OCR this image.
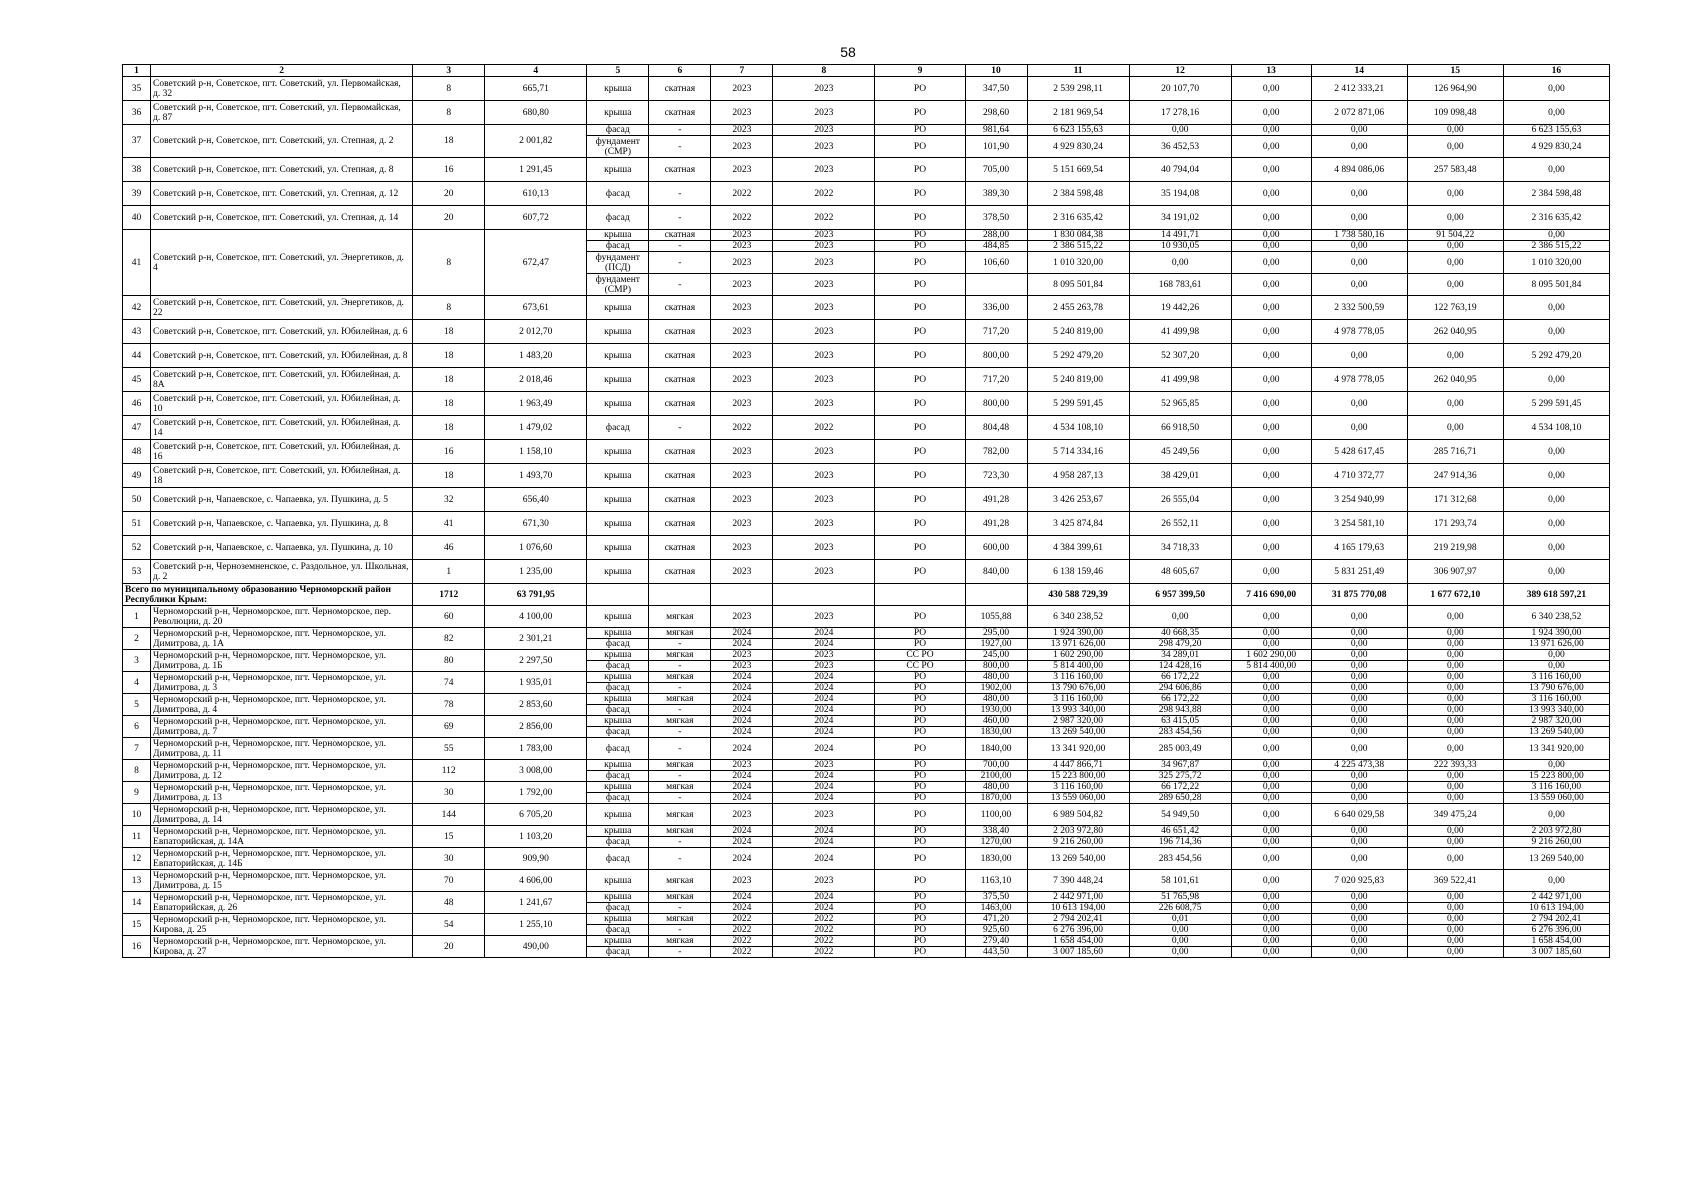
58
1	2	3	4	5	6	7	8	9	10	11	12	13	14	15	16
35	Советский р-н, Советское, пгт. Советский, ул. Первомайская, д. 32	8	665,71	крыша	скатная	2023	2023	РО	347,50	2 539 298,11	20 107,70	0,00	2 412 333,21	126 964,90	0,00
36	Советский р-н, Советское, пгт. Советский, ул. Первомайская, д. 87	8	680,80	крыша	скатная	2023	2023	РО	298,60	2 181 969,54	17 278,16	0,00	2 072 871,06	109 098,48	0,00
37	Советский р-н, Советское, пгт. Советский, ул. Степная, д. 2	18	2 001,82	фасад	-	2023	2023	РО	981,64	6 623 155,63	0,00	0,00	0,00	0,00	6 623 155,63
				фундамент (СМР)	-	2023	2023	РО	101,90	4 929 830,24	36 452,53	0,00	0,00	0,00	4 929 830,24
38	Советский р-н, Советское, пгт. Советский, ул. Степная, д. 8	16	1 291,45	крыша	скатная	2023	2023	РО	705,00	5 151 669,54	40 794,04	0,00	4 894 086,06	257 583,48	0,00
39	Советский р-н, Советское, пгт. Советский, ул. Степная, д. 12	20	610,13	фасад	-	2022	2022	РО	389,30	2 384 598,48	35 194,08	0,00	0,00	0,00	2 384 598,48
40	Советский р-н, Советское, пгт. Советский, ул. Степная, д. 14	20	607,72	фасад	-	2022	2022	РО	378,50	2 316 635,42	34 191,02	0,00	0,00	0,00	2 316 635,42
41	Советский р-н, Советское, пгт. Советский, ул. Энергетиков, д. 4	8	672,47	крыша	скатная	2023	2023	РО	288,00	1 830 084,38	14 491,71	0,00	1 738 580,16	91 504,22	0,00
				фасад	-	2023	2023	РО	484,85	2 386 515,22	10 930,05	0,00	0,00	0,00	2 386 515,22
				фундамент (ПСД)	-	2023	2023	РО	106,60	1 010 320,00	0,00	0,00	0,00	0,00	1 010 320,00
				фундамент (СМР)	-	2023	2023	РО		8 095 501,84	168 783,61	0,00	0,00	0,00	8 095 501,84
42	Советский р-н, Советское, пгт. Советский, ул. Энергетиков, д. 22	8	673,61	крыша	скатная	2023	2023	РО	336,00	2 455 263,78	19 442,26	0,00	2 332 500,59	122 763,19	0,00
43	Советский р-н, Советское, пгт. Советский, ул. Юбилейная, д. 6	18	2 012,70	крыша	скатная	2023	2023	РО	717,20	5 240 819,00	41 499,98	0,00	4 978 778,05	262 040,95	0,00
44	Советский р-н, Советское, пгт. Советский, ул. Юбилейная, д. 8	18	1 483,20	крыша	скатная	2023	2023	РО	800,00	5 292 479,20	52 307,20	0,00	0,00	0,00	5 292 479,20
45	Советский р-н, Советское, пгт. Советский, ул. Юбилейная, д. 8А	18	2 018,46	крыша	скатная	2023	2023	РО	717,20	5 240 819,00	41 499,98	0,00	4 978 778,05	262 040,95	0,00
46	Советский р-н, Советское, пгт. Советский, ул. Юбилейная, д. 10	18	1 963,49	крыша	скатная	2023	2023	РО	800,00	5 299 591,45	52 965,85	0,00	0,00	0,00	5 299 591,45
47	Советский р-н, Советское, пгт. Советский, ул. Юбилейная, д. 14	18	1 479,02	фасад	-	2022	2022	РО	804,48	4 534 108,10	66 918,50	0,00	0,00	0,00	4 534 108,10
48	Советский р-н, Советское, пгт. Советский, ул. Юбилейная, д. 16	16	1 158,10	крыша	скатная	2023	2023	РО	782,00	5 714 334,16	45 249,56	0,00	5 428 617,45	285 716,71	0,00
49	Советский р-н, Советское, пгт. Советский, ул. Юбилейная, д. 18	18	1 493,70	крыша	скатная	2023	2023	РО	723,30	4 958 287,13	38 429,01	0,00	4 710 372,77	247 914,36	0,00
50	Советский р-н, Чапаевское, с. Чапаевка, ул. Пушкина, д. 5	32	656,40	крыша	скатная	2023	2023	РО	491,28	3 426 253,67	26 555,04	0,00	3 254 940,99	171 312,68	0,00
51	Советский р-н, Чапаевское, с. Чапаевка, ул. Пушкина, д. 8	41	671,30	крыша	скатная	2023	2023	РО	491,28	3 425 874,84	26 552,11	0,00	3 254 581,10	171 293,74	0,00
52	Советский р-н, Чапаевское, с. Чапаевка, ул. Пушкина, д. 10	46	1 076,60	крыша	скатная	2023	2023	РО	600,00	4 384 399,61	34 718,33	0,00	4 165 179,63	219 219,98	0,00
53	Советский р-н, Черноземненское, с. Раздольное, ул. Школьная, д. 2	1	1 235,00	крыша	скатная	2023	2023	РО	840,00	6 138 159,46	48 605,67	0,00	5 831 251,49	306 907,97	0,00
Всего по муниципальному образованию Черноморский район Республики Крым:		1712	63 791,95							430 588 729,39	6 957 399,50	7 416 690,00	31 875 770,08	1 677 672,10	389 618 597,21
1	Черноморский р-н, Черноморское, пгт. Черноморское, пер. Революции, д. 20	60	4 100,00	крыша	мягкая	2023	2023	РО	1055,88	6 340 238,52	0,00	0,00	0,00	0,00	6 340 238,52
2	Черноморский р-н, Черноморское, пгт. Черноморское, ул. Димитрова, д. 1А	82	2 301,21	крыша	мягкая	2024	2024	РО	295,00	1 924 390,00	40 668,35	0,00	0,00	0,00	1 924 390,00
				фасад	-	2024	2024	РО	1927,00	13 971 626,00	298 479,20	0,00	0,00	0,00	13 971 626,00
3	Черноморский р-н, Черноморское, пгт. Черноморское, ул. Димитрова, д. 1Б	80	2 297,50	крыша	мягкая	2023	2023	СС РО	245,00	1 602 290,00	34 289,01	1 602 290,00	0,00	0,00	0,00
				фасад	-	2023	2023	СС РО	800,00	5 814 400,00	124 428,16	5 814 400,00	0,00	0,00	0,00
4	Черноморский р-н, Черноморское, пгт. Черноморское, ул. Димитрова, д. 3	74	1 935,01	крыша	мягкая	2024	2024	РО	480,00	3 116 160,00	66 172,22	0,00	0,00	0,00	3 116 160,00
				фасад	-	2024	2024	РО	1902,00	13 790 676,00	294 606,86	0,00	0,00	0,00	13 790 676,00
5	Черноморский р-н, Черноморское, пгт. Черноморское, ул. Димитрова, д. 4	78	2 853,60	крыша	мягкая	2024	2024	РО	480,00	3 116 160,00	66 172,22	0,00	0,00	0,00	3 116 160,00
				фасад	-	2024	2024	РО	1930,00	13 993 340,00	298 943,88	0,00	0,00	0,00	13 993 340,00
6	Черноморский р-н, Черноморское, пгт. Черноморское, ул. Димитрова, д. 7	69	2 856,00	крыша	мягкая	2024	2024	РО	460,00	2 987 320,00	63 415,05	0,00	0,00	0,00	2 987 320,00
				фасад	-	2024	2024	РО	1830,00	13 269 540,00	283 454,56	0,00	0,00	0,00	13 269 540,00
7	Черноморский р-н, Черноморское, пгт. Черноморское, ул. Димитрова, д. 11	55	1 783,00	фасад	-	2024	2024	РО	1840,00	13 341 920,00	285 003,49	0,00	0,00	0,00	13 341 920,00
8	Черноморский р-н, Черноморское, пгт. Черноморское, ул. Димитрова, д. 12	112	3 008,00	крыша	мягкая	2023	2023	РО	700,00	4 447 866,71	34 967,87	0,00	4 225 473,38	222 393,33	0,00
				фасад	-	2024	2024	РО	2100,00	15 223 800,00	325 275,72	0,00	0,00	0,00	15 223 800,00
9	Черноморский р-н, Черноморское, пгт. Черноморское, ул. Димитрова, д. 13	30	1 792,00	крыша	мягкая	2024	2024	РО	480,00	3 116 160,00	66 172,22	0,00	0,00	0,00	3 116 160,00
				фасад	-	2024	2024	РО	1870,00	13 559 060,00	289 650,28	0,00	0,00	0,00	13 559 060,00
10	Черноморский р-н, Черноморское, пгт. Черноморское, ул. Димитрова, д. 14	144	6 705,20	крыша	мягкая	2023	2023	РО	1100,00	6 989 504,82	54 949,50	0,00	6 640 029,58	349 475,24	0,00
11	Черноморский р-н, Черноморское, пгт. Черноморское, ул. Евпаторийская, д. 14А	15	1 103,20	крыша	мягкая	2024	2024	РО	338,40	2 203 972,80	46 651,42	0,00	0,00	0,00	2 203 972,80
				фасад	-	2024	2024	РО	1270,00	9 216 260,00	196 714,36	0,00	0,00	0,00	9 216 260,00
12	Черноморский р-н, Черноморское, пгт. Черноморское, ул. Евпаторийская, д. 14Б	30	909,90	фасад	-	2024	2024	РО	1830,00	13 269 540,00	283 454,56	0,00	0,00	0,00	13 269 540,00
13	Черноморский р-н, Черноморское, пгт. Черноморское, ул. Димитрова, д. 15	70	4 606,00	крыша	мягкая	2023	2023	РО	1163,10	7 390 448,24	58 101,61	0,00	7 020 925,83	369 522,41	0,00
14	Черноморский р-н, Черноморское, пгт. Черноморское, ул. Евпаторийская, д. 26	48	1 241,67	крыша	мягкая	2024	2024	РО	375,50	2 442 971,00	51 765,98	0,00	0,00	0,00	2 442 971,00
				фасад	-	2024	2024	РО	1463,00	10 613 194,00	226 608,75	0,00	0,00	0,00	10 613 194,00
15	Черноморский р-н, Черноморское, пгт. Черноморское, ул. Кирова, д. 25	54	1 255,10	крыша	мягкая	2022	2022	РО	471,20	2 794 202,41	0,01	0,00	0,00	0,00	2 794 202,41
				фасад	-	2022	2022	РО	925,60	6 276 396,00	0,00	0,00	0,00	0,00	6 276 396,00
16	Черноморский р-н, Черноморское, пгт. Черноморское, ул. Кирова, д. 27	20	490,00	крыша	мягкая	2022	2022	РО	279,40	1 658 454,00	0,00	0,00	0,00	0,00	1 658 454,00
				фасад	-	2022	2022	РО	443,50	3 007 185,60	0,00	0,00	0,00	0,00	3 007 185,60
